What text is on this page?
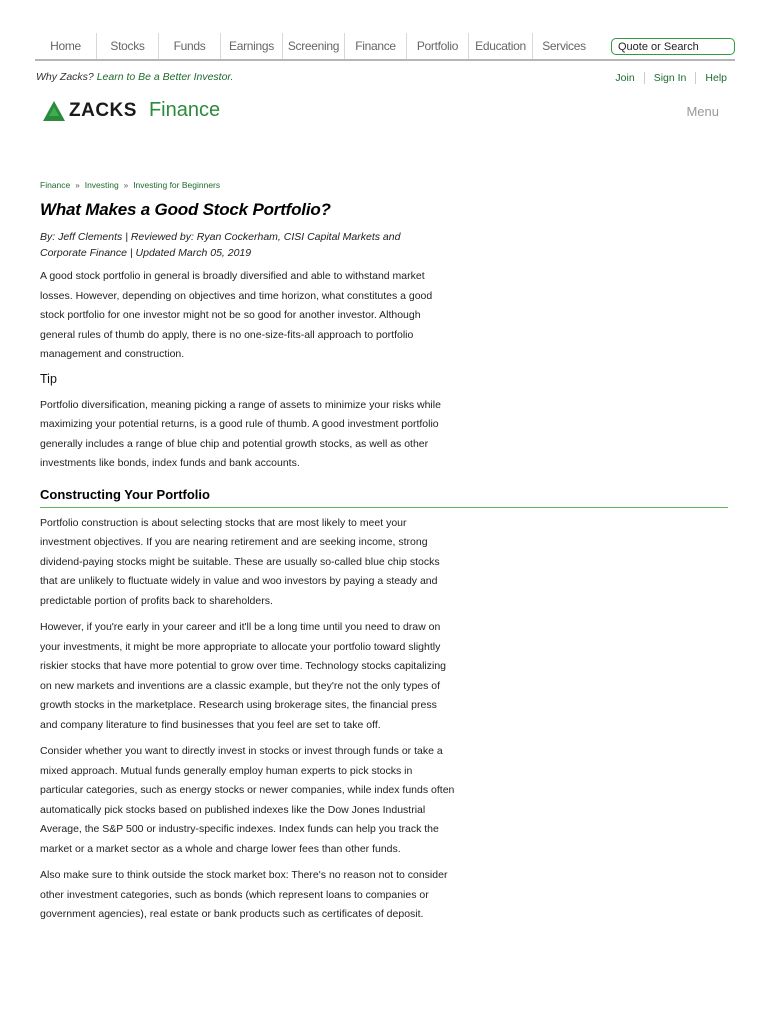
Home	Stocks	Funds	Earnings	Screening	Finance	Portfolio	Education	Services
Quote or Search
Why Zacks? Learn to Be a Better Investor.	Join Sign In Help
ZACKS Finance	Menu
Finance » Investing » Investing for Beginners
What Makes a Good Stock Portfolio?
By: Jeff Clements | Reviewed by: Ryan Cockerham, CISI Capital Markets and Corporate Finance | Updated March 05, 2019

A good stock portfolio in general is broadly diversified and able to withstand market losses. However, depending on objectives and time horizon, what constitutes a good stock portfolio for one investor might not be so good for another investor. Although general rules of thumb do apply, there is no one-size-fits-all approach to portfolio management and construction.

Tip

Portfolio diversification, meaning picking a range of assets to minimize your risks while maximizing your potential returns, is a good rule of thumb. A good investment portfolio generally includes a range of blue chip and potential growth stocks, as well as other investments like bonds, index funds and bank accounts.

Constructing Your Portfolio

Portfolio construction is about selecting stocks that are most likely to meet your investment objectives. If you are nearing retirement and are seeking income, strong dividend-paying stocks might be suitable. These are usually so-called blue chip stocks that are unlikely to fluctuate widely in value and woo investors by paying a steady and predictable portion of profits back to shareholders.

However, if you're early in your career and it'll be a long time until you need to draw on your investments, it might be more appropriate to allocate your portfolio toward slightly riskier stocks that have more potential to grow over time. Technology stocks capitalizing on new markets and inventions are a classic example, but they're not the only types of growth stocks in the marketplace. Research using brokerage sites, the financial press and company literature to find businesses that you feel are set to take off.

Consider whether you want to directly invest in stocks or invest through funds or take a mixed approach. Mutual funds generally employ human experts to pick stocks in particular categories, such as energy stocks or newer companies, while index funds often automatically pick stocks based on published indexes like the Dow Jones Industrial Average, the S&P 500 or industry-specific indexes. Index funds can help you track the market or a market sector as a whole and charge lower fees than other funds.

Also make sure to think outside the stock market box: There's no reason not to consider other investment categories, such as bonds (which represent loans to companies or government agencies), real estate or bank products such as certificates of deposit.
